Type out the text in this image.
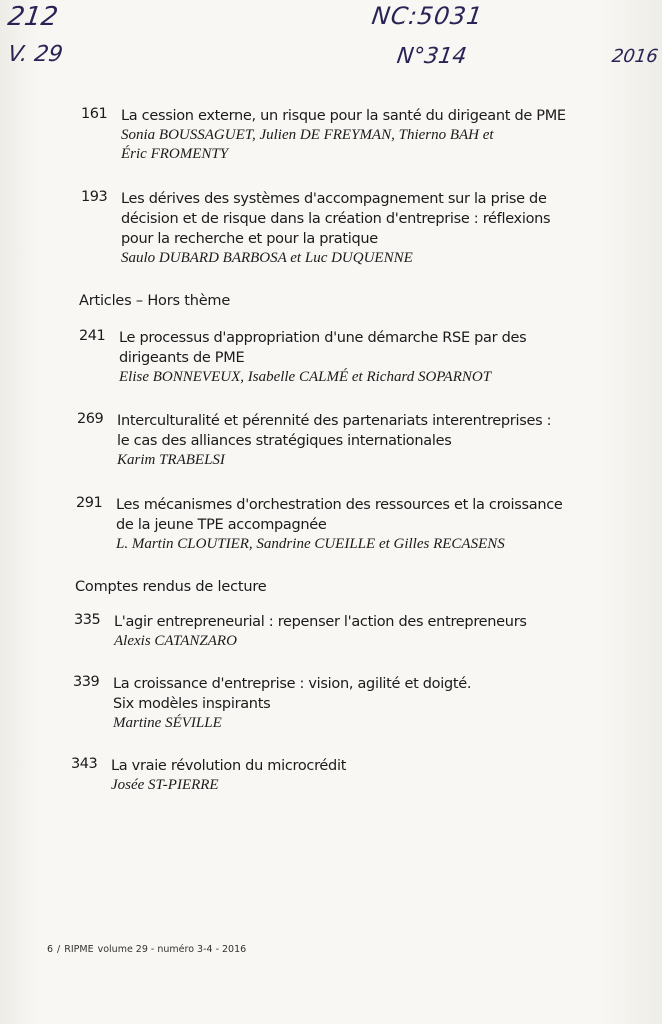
212
V. 29
NC:5031
N°314	2016
161 La cession externe, un risque pour la santé du dirigeant de PME
Sonia BOUSSAGUET, Julien DE FREYMAN, Thierno BAH et
Éric FROMENTY
193 Les dérives des systèmes d'accompagnement sur la prise de
décision et de risque dans la création d'entreprise : réflexions
pour la recherche et pour la pratique
Saulo DUBARD BARBOSA et Luc DUQUENNE
Articles – Hors thème
241 Le processus d'appropriation d'une démarche RSE par des
dirigeants de PME
Elise BONNEVEUX, Isabelle CALMÉ et Richard SOPARNOT
269 Interculturalité et pérennité des partenariats interentreprises :
le cas des alliances stratégiques internationales
Karim TRABELSI
291 Les mécanismes d'orchestration des ressources et la croissance
de la jeune TPE accompagnée
L. Martin CLOUTIER, Sandrine CUEILLE et Gilles RECASENS
Comptes rendus de lecture
335 L'agir entrepreneurial : repenser l'action des entrepreneurs
Alexis CATANZARO
339 La croissance d'entreprise : vision, agilité et doigté.
Six modèles inspirants
Martine SÉVILLE
343 La vraie révolution du microcrédit
Josée ST-PIERRE
6 / RIPME volume 29 - numéro 3-4 - 2016
